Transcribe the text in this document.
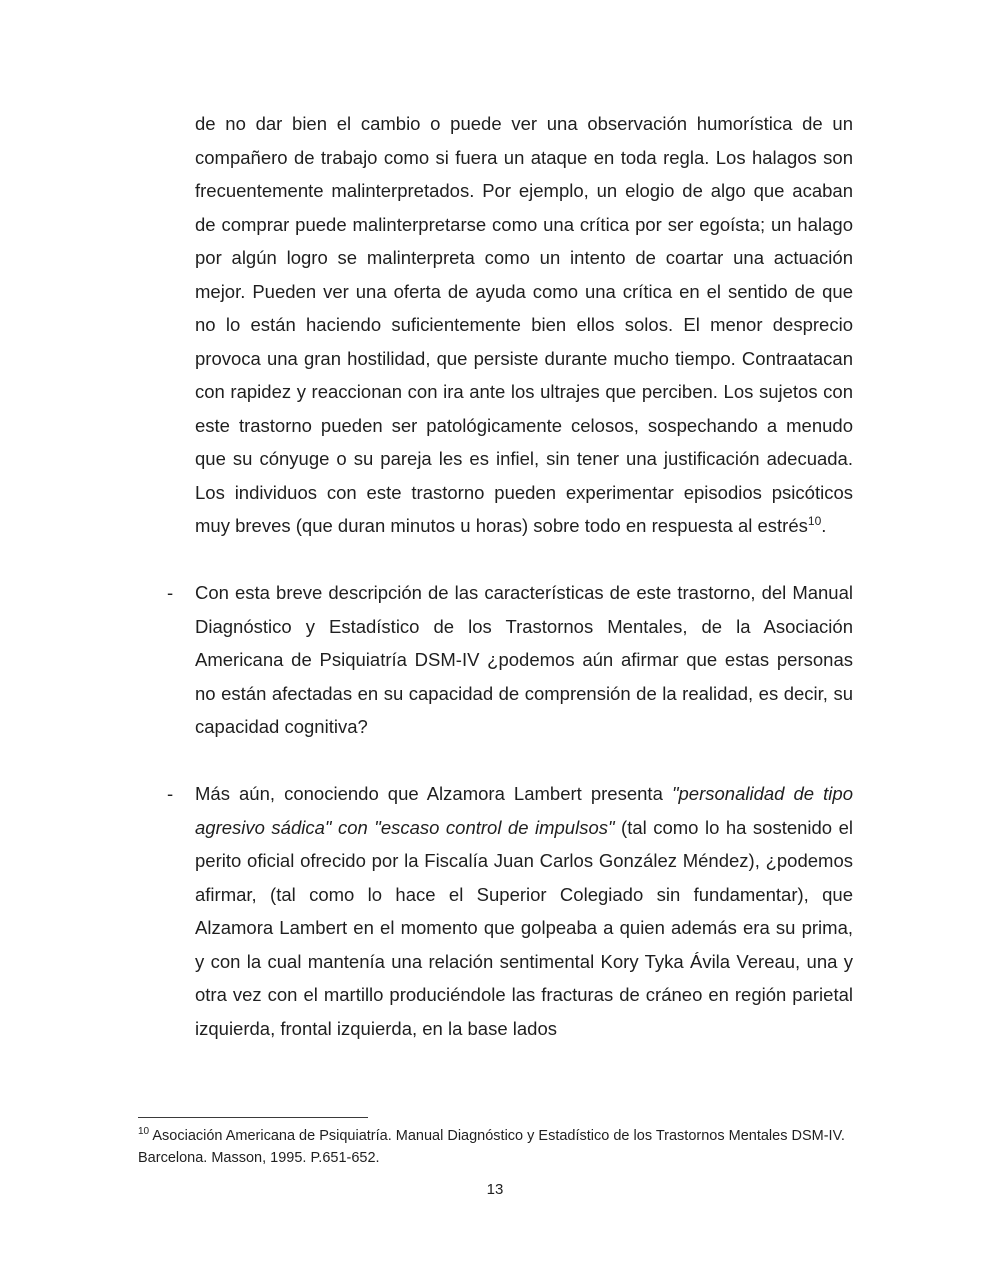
de no dar bien el cambio o puede ver una observación humorística de un compañero de trabajo como si fuera un ataque en toda regla. Los halagos son frecuentemente malinterpretados. Por ejemplo, un elogio de algo que acaban de comprar puede malinterpretarse como una crítica por ser egoísta; un halago por algún logro se malinterpreta como un intento de coartar una actuación mejor. Pueden ver una oferta de ayuda como una crítica en el sentido de que no lo están haciendo suficientemente bien ellos solos. El menor desprecio provoca una gran hostilidad, que persiste durante mucho tiempo. Contraatacan con rapidez y reaccionan con ira ante los ultrajes que perciben. Los sujetos con este trastorno pueden ser patológicamente celosos, sospechando a menudo que su cónyuge o su pareja les es infiel, sin tener una justificación adecuada. Los individuos con este trastorno pueden experimentar episodios psicóticos muy breves (que duran minutos u horas) sobre todo en respuesta al estrés$^{10}$.

- Con esta breve descripción de las características de este trastorno, del Manual Diagnóstico y Estadístico de los Trastornos Mentales, de la Asociación Americana de Psiquiatría DSM-IV ¿podemos aún afirmar que estas personas no están afectadas en su capacidad de comprensión de la realidad, es decir, su capacidad cognitiva?

- Más aún, conociendo que Alzamora Lambert presenta "personalidad de tipo agresivo sádica" con "escaso control de impulsos" (tal como lo ha sostenido el perito oficial ofrecido por la Fiscalía Juan Carlos González Méndez), ¿podemos afirmar, (tal como lo hace el Superior Colegiado sin fundamentar), que Alzamora Lambert en el momento que golpeaba a quien además era su prima, y con la cual mantenía una relación sentimental Kory Tyka Ávila Vereau, una y otra vez con el martillo produciéndole las fracturas de cráneo en región parietal izquierda, frontal izquierda, en la base lados

$^{10}$ Asociación Americana de Psiquiatría. Manual Diagnóstico y Estadístico de los Trastornos Mentales DSM-IV. Barcelona. Masson, 1995. P.651-652.
13
